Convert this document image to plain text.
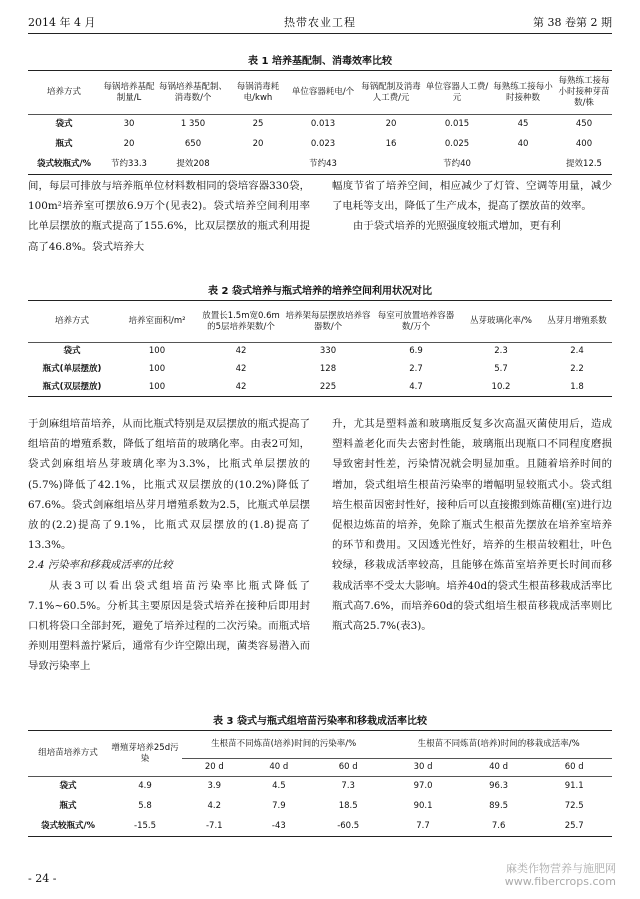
2014 年 4 月	热带农业工程	第 38 卷第 2 期
表 1 培养基配制、消毒效率比较
培养方式	每锅培养基配制量/L	每锅培养基配制、消毒数/个	每锅消毒耗电/kwh	单位容器耗电/个	每锅配制及消毒人工费/元	单位容器人工费/元	每熟练工接每小时接种数	每熟练工接每小时接种芽苗数/株
袋式	30	1 350	25	0.013	20	0.015	45	450
瓶式	20	650	20	0.023	16	0.025	40	400
袋式较瓶式/%	节约33.3	提效208		节约43		节约40		提效12.5

间，每层可排放与培养瓶单位材料数相同的袋培容器330袋，100m²培养室可摆放6.9万个(见表2)。袋式培养空间利用率比单层摆放的瓶式提高了155.6%，比双层摆放的瓶式利用提高了46.8%。袋式培养大

幅度节省了培养空间，相应减少了灯管、空调等用量，减少了电耗等支出，降低了生产成本，提高了摆放苗的效率。

由于袋式培养的光照强度较瓶式增加，更有利

表 2 袋式培养与瓶式培养的培养空间利用状况对比
培养方式	培养室面积/m²	放置长1.5m宽0.6m的5层培养架数/个	培养架每层摆放培养容器数/个	每室可放置培养容器数/万个	丛芽玻璃化率/%	丛芽月增殖系数
袋式	100	42	330	6.9	2.3	2.4
瓶式(单层摆放)	100	42	128	2.7	5.7	2.2
瓶式(双层摆放)	100	42	225	4.7	10.2	1.8

于剑麻组培苗培养，从而比瓶式特别是双层摆放的瓶式提高了组培苗的增殖系数，降低了组培苗的玻璃化率。由表2可知，袋式剑麻组培丛芽玻璃化率为3.3%，比瓶式单层摆放的(5.7%)降低了42.1%，比瓶式双层摆放的(10.2%)降低了67.6%。袋式剑麻组培丛芽月增殖系数为2.5，比瓶式单层摆放的(2.2)提高了9.1%，比瓶式双层摆放的(1.8)提高了13.3%。

2.4 污染率和移栽成活率的比较

从表3可以看出袋式组培苗污染率比瓶式降低了7.1%~60.5%。分析其主要原因是袋式培养在接种后即用封口机将袋口全部封死，避免了培养过程的二次污染。而瓶式培养则用塑料盖拧紧后，通常有少许空隙出现，菌类容易潜入而导致污染率上

升，尤其是塑料盖和玻璃瓶反复多次高温灭菌使用后，造成塑料盖老化而失去密封性能，玻璃瓶出现瓶口不同程度磨损导致密封性差，污染情况就会明显加重。且随着培养时间的增加，袋式组培生根苗污染率的增幅明显较瓶式小。袋式组培生根苗因密封性好，接种后可以直接搬到炼苗棚(室)进行边促根边炼苗的培养，免除了瓶式生根苗先摆放在培养室培养的环节和费用。又因透光性好，培养的生根苗较粗壮，叶色较绿，移栽成活率较高，且能够在炼苗室培养更长时间而移栽成活率不受太大影响。培养40d的袋式生根苗移栽成活率比瓶式高7.6%，而培养60d的袋式组培生根苗移栽成活率则比瓶式高25.7%(表3)。

表 3 袋式与瓶式组培苗污染率和移栽成活率比较
组培苗培养方式	增殖芽培养25d污染	生根苗不同炼苗(培养)时间的污染率/%			生根苗不同炼苗(培养)时间的移栽成活率/%		
		20 d	40 d	60 d	30 d	40 d	60 d
袋式	4.9	3.9	4.5	7.3	97.0	96.3	91.1
瓶式	5.8	4.2	7.9	18.5	90.1	89.5	72.5
袋式较瓶式/%	-15.5	-7.1	-43	-60.5	7.7	7.6	25.7
- 24 -
麻类作物营养与施肥网
www.fibercrops.com
